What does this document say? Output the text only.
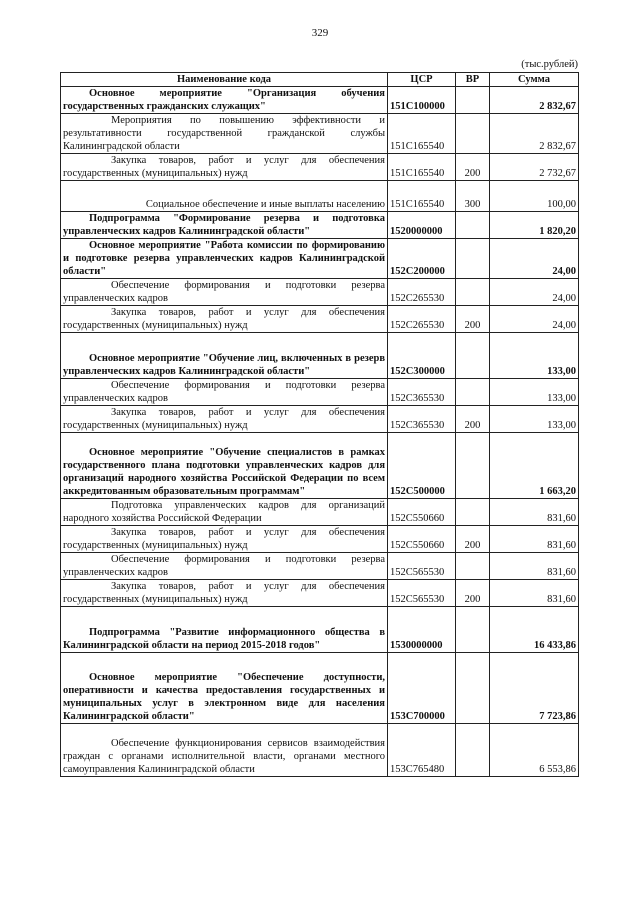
329
(тыс.рублей)
Наименование кода	ЦСР	ВР	Сумма
Основное мероприятие "Организация обучения государственных гражданских служащих"	151С100000		2 832,67
Мероприятия по повышению эффективности и результативности государственной гражданской службы Калининградской области	151С165540		2 832,67
Закупка товаров, работ и услуг для обеспечения государственных (муниципальных) нужд	151С165540	200	2 732,67
Социальное обеспечение и иные выплаты населению	151С165540	300	100,00
Подпрограмма "Формирование резерва и подготовка управленческих кадров Калининградской области"	1520000000		1 820,20
Основное мероприятие "Работа комиссии по формированию и подготовке резерва управленческих кадров Калининградской области"	152С200000		24,00
Обеспечение формирования и подготовки резерва управленческих кадров	152С265530		24,00
Закупка товаров, работ и услуг для обеспечения государственных (муниципальных) нужд	152С265530	200	24,00
Основное мероприятие "Обучение лиц, включенных в резерв управленческих кадров Калининградской области"	152С300000		133,00
Обеспечение формирования и подготовки резерва управленческих кадров	152С365530		133,00
Закупка товаров, работ и услуг для обеспечения государственных (муниципальных) нужд	152С365530	200	133,00
Основное мероприятие "Обучение специалистов в рамках государственного плана подготовки управленческих кадров для организаций народного хозяйства Российской Федерации по всем аккредитованным образовательным программам"	152С500000		1 663,20
Подготовка управленческих кадров для организаций народного хозяйства Российской Федерации	152С550660		831,60
Закупка товаров, работ и услуг для обеспечения государственных (муниципальных) нужд	152С550660	200	831,60
Обеспечение формирования и подготовки резерва управленческих кадров	152С565530		831,60
Закупка товаров, работ и услуг для обеспечения государственных (муниципальных) нужд	152С565530	200	831,60
Подпрограмма "Развитие информационного общества в Калининградской области на период 2015-2018 годов"	1530000000		16 433,86
Основное мероприятие "Обеспечение доступности, оперативности и качества предоставления государственных и муниципальных услуг в электронном виде для населения Калининградской области"	153С700000		7 723,86
Обеспечение функционирования сервисов взаимодействия граждан с органами исполнительной власти, органами местного самоуправления Калининградской области	153С765480		6 553,86
